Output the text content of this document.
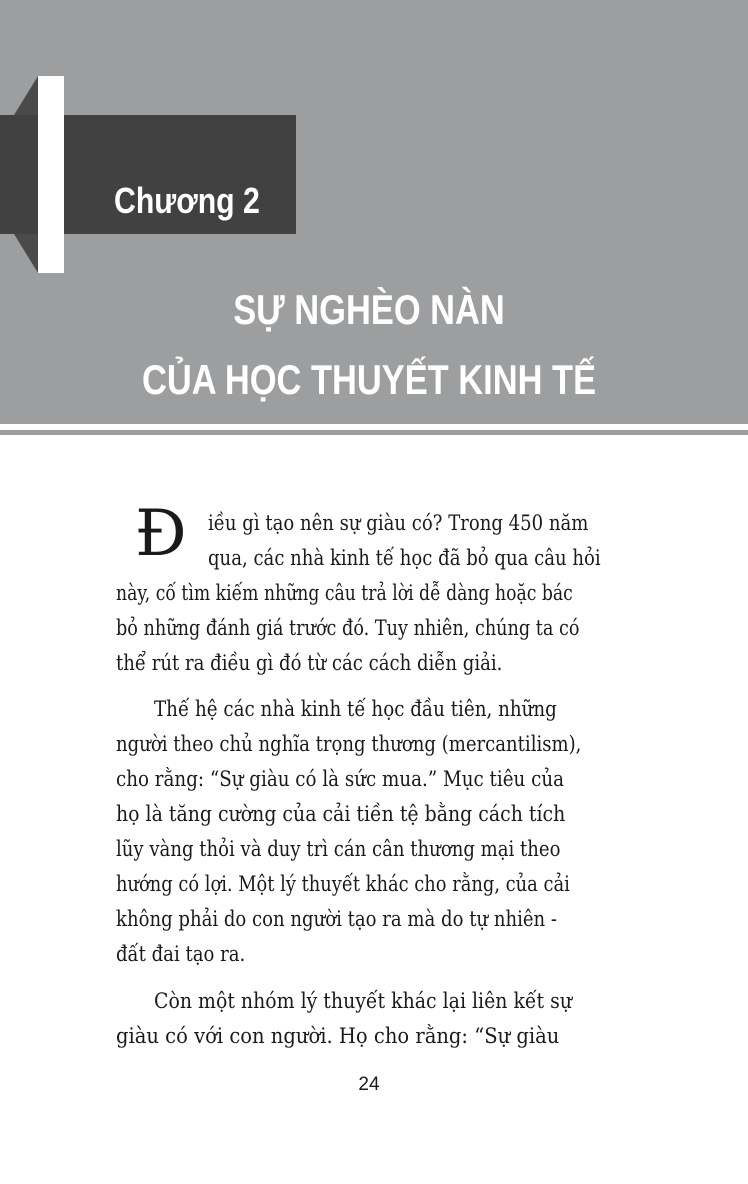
Chương 2
SỰ NGHÈO NÀN
CỦA HỌC THUYẾT KINH TẾ
Đ iều gì tạo nên sự giàu có? Trong 450 năm
qua, các nhà kinh tế học đã bỏ qua câu hỏi
này, cố tìm kiếm những câu trả lời dễ dàng hoặc bác
bỏ những đánh giá trước đó. Tuy nhiên, chúng ta có
thể rút ra điều gì đó từ các cách diễn giải.
Thế hệ các nhà kinh tế học đầu tiên, những
người theo chủ nghĩa trọng thương (mercantilism),
cho rằng: “Sự giàu có là sức mua.” Mục tiêu của
họ là tăng cường của cải tiền tệ bằng cách tích
lũy vàng thỏi và duy trì cán cân thương mại theo
hướng có lợi. Một lý thuyết khác cho rằng, của cải
không phải do con người tạo ra mà do tự nhiên -
đất đai tạo ra.
Còn một nhóm lý thuyết khác lại liên kết sự
giàu có với con người. Họ cho rằng: “Sự giàu
24
